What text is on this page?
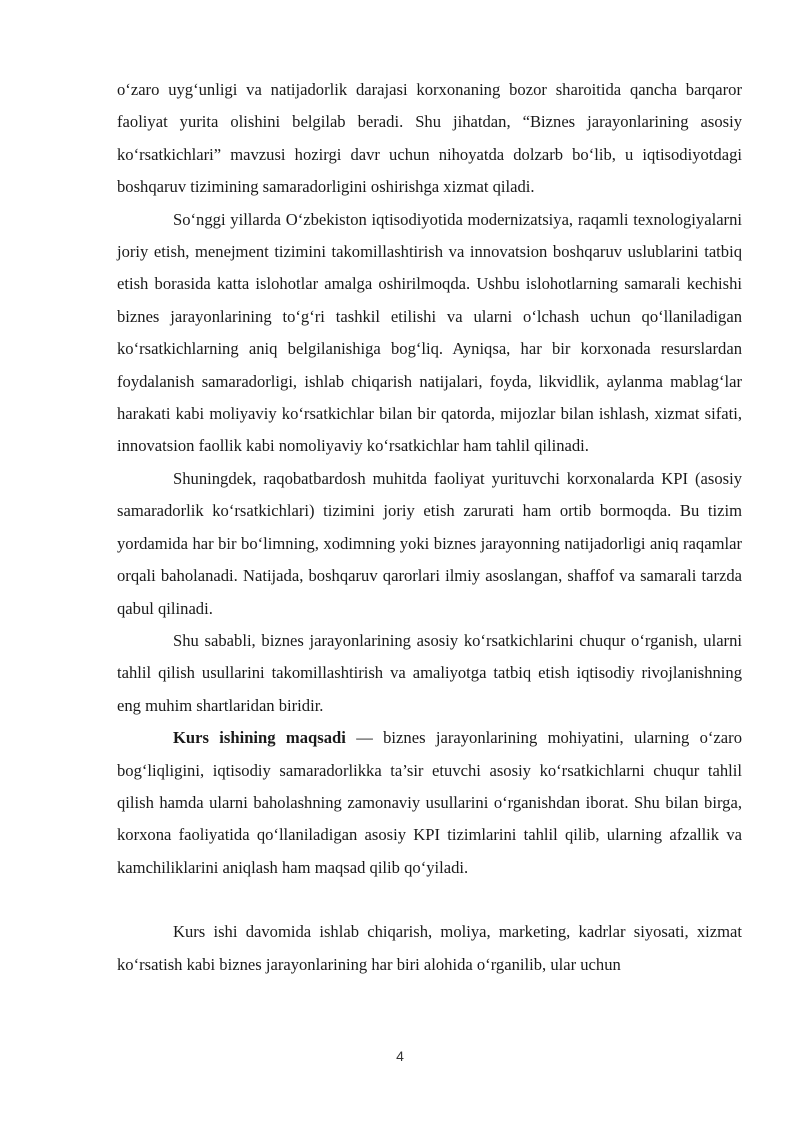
o‘zaro uyg‘unligi va natijadorlik darajasi korxonaning bozor sharoitida qancha barqaror faoliyat yurita olishini belgilab beradi. Shu jihatdan, “Biznes jarayonlarining asosiy ko‘rsatkichlari” mavzusi hozirgi davr uchun nihoyatda dolzarb bo‘lib, u iqtisodiyotdagi boshqaruv tizimining samaradorligini oshirishga xizmat qiladi.

So‘nggi yillarda O‘zbekiston iqtisodiyotida modernizatsiya, raqamli texnologiyalarni joriy etish, menejment tizimini takomillashtirish va innovatsion boshqaruv uslublarini tatbiq etish borasida katta islohotlar amalga oshirilmoqda. Ushbu islohotlarning samarali kechishi biznes jarayonlarining to‘g‘ri tashkil etilishi va ularni o‘lchash uchun qo‘llaniladigan ko‘rsatkichlarning aniq belgilanishiga bog‘liq. Ayniqsa, har bir korxonada resurslardan foydalanish samaradorligi, ishlab chiqarish natijalari, foyda, likvidlik, aylanma mablag‘lar harakati kabi moliyaviy ko‘rsatkichlar bilan bir qatorda, mijozlar bilan ishlash, xizmat sifati, innovatsion faollik kabi nomoliyaviy ko‘rsatkichlar ham tahlil qilinadi.

Shuningdek, raqobatbardosh muhitda faoliyat yurituvchi korxonalarda KPI (asosiy samaradorlik ko‘rsatkichlari) tizimini joriy etish zarurati ham ortib bormoqda. Bu tizim yordamida har bir bo‘limning, xodimning yoki biznes jarayonning natijadorligi aniq raqamlar orqali baholanadi. Natijada, boshqaruv qarorlari ilmiy asoslangan, shaffof va samarali tarzda qabul qilinadi.

Shu sababli, biznes jarayonlarining asosiy ko‘rsatkichlarini chuqur o‘rganish, ularni tahlil qilish usullarini takomillashtirish va amaliyotga tatbiq etish iqtisodiy rivojlanishning eng muhim shartlaridan biridir.

Kurs ishining maqsadi — biznes jarayonlarining mohiyatini, ularning o‘zaro bog‘liqligini, iqtisodiy samaradorlikka ta’sir etuvchi asosiy ko‘rsatkichlarni chuqur tahlil qilish hamda ularni baholashning zamonaviy usullarini o‘rganishdan iborat. Shu bilan birga, korxona faoliyatida qo‘llaniladigan asosiy KPI tizimlarini tahlil qilib, ularning afzallik va kamchiliklarini aniqlash ham maqsad qilib qo‘yiladi.

Kurs ishi davomida ishlab chiqarish, moliya, marketing, kadrlar siyosati, xizmat ko‘rsatish kabi biznes jarayonlarining har biri alohida o‘rganilib, ular uchun

4
